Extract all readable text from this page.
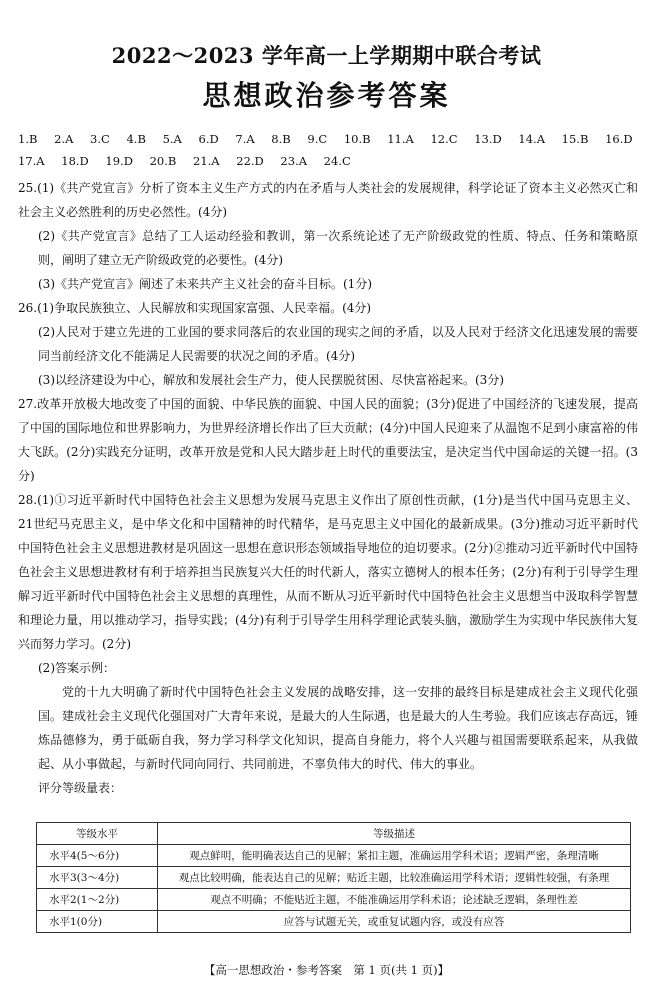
2022～2023 学年高一上学期期中联合考试
思想政治参考答案
1.B 2.A 3.C 4.B 5.A 6.D 7.A 8.B 9.C 10.B 11.A 12.C 13.D 14.A 15.B 16.D
17.A 18.D 19.D 20.B 21.A 22.D 23.A 24.C

25.(1)《共产党宣言》分析了资本主义生产方式的内在矛盾与人类社会的发展规律，科学论证了资本主义必然灭亡和社会主义必然胜利的历史必然性。(4分)

(2)《共产党宣言》总结了工人运动经验和教训，第一次系统论述了无产阶级政党的性质、特点、任务和策略原则，阐明了建立无产阶级政党的必要性。(4分)

(3)《共产党宣言》阐述了未来共产主义社会的奋斗目标。(1分)

26.(1)争取民族独立、人民解放和实现国家富强、人民幸福。(4分)

(2)人民对于建立先进的工业国的要求同落后的农业国的现实之间的矛盾，以及人民对于经济文化迅速发展的需要同当前经济文化不能满足人民需要的状况之间的矛盾。(4分)

(3)以经济建设为中心，解放和发展社会生产力，使人民摆脱贫困、尽快富裕起来。(3分)

27.改革开放极大地改变了中国的面貌、中华民族的面貌、中国人民的面貌；(3分)促进了中国经济的飞速发展，提高了中国的国际地位和世界影响力，为世界经济增长作出了巨大贡献；(4分)中国人民迎来了从温饱不足到小康富裕的伟大飞跃。(2分)实践充分证明，改革开放是党和人民大踏步赶上时代的重要法宝，是决定当代中国命运的关键一招。(3分)

28.(1)①习近平新时代中国特色社会主义思想为发展马克思主义作出了原创性贡献，(1分)是当代中国马克思主义、21世纪马克思主义，是中华文化和中国精神的时代精华，是马克思主义中国化的最新成果。(3分)推动习近平新时代中国特色社会主义思想进教材是巩固这一思想在意识形态领域指导地位的迫切要求。(2分)②推动习近平新时代中国特色社会主义思想进教材有利于培养担当民族复兴大任的时代新人，落实立德树人的根本任务；(2分)有利于引导学生理解习近平新时代中国特色社会主义思想的真理性，从而不断从习近平新时代中国特色社会主义思想当中汲取科学智慧和理论力量，用以推动学习，指导实践；(4分)有利于引导学生用科学理论武装头脑，激励学生为实现中华民族伟大复兴而努力学习。(2分)

(2)答案示例：

党的十九大明确了新时代中国特色社会主义发展的战略安排，这一安排的最终目标是建成社会主义现代化强国。建成社会主义现代化强国对广大青年来说，是最大的人生际遇，也是最大的人生考验。我们应该志存高远，锤炼品德修为，勇于砥砺自我，努力学习科学文化知识，提高自身能力，将个人兴趣与祖国需要联系起来，从我做起、从小事做起，与新时代同向同行、共同前进，不辜负伟大的时代、伟大的事业。

评分等级量表：

等级水平	等级描述
水平4(5～6分)	观点鲜明，能明确表达自己的见解；紧扣主题，准确运用学科术语；逻辑严密，条理清晰
水平3(3～4分)	观点比较明确，能表达自己的见解；贴近主题，比较准确运用学科术语；逻辑性较强，有条理
水平2(1～2分)	观点不明确；不能贴近主题，不能准确运用学科术语；论述缺乏逻辑，条理性差
水平1(0分)	应答与试题无关，或重复试题内容，或没有应答
【高一思想政治・参考答案　第 1 页(共 1 页)】
